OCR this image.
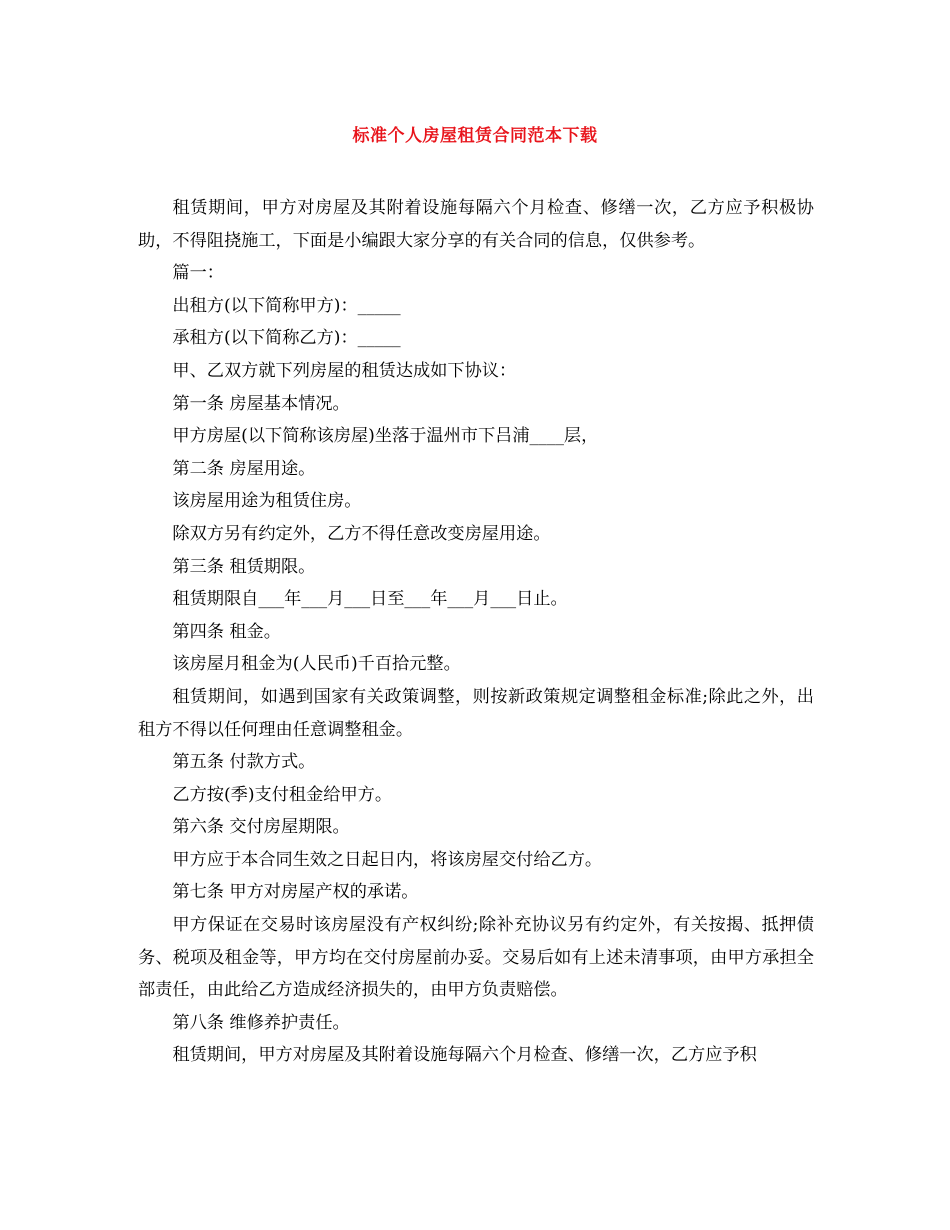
标准个人房屋租赁合同范本下载

租赁期间，甲方对房屋及其附着设施每隔六个月检查、修缮一次，乙方应予积极协助，不得阻挠施工，下面是小编跟大家分享的有关合同的信息，仅供参考。

篇一：

出租方(以下简称甲方)：_____

承租方(以下简称乙方)：_____

甲、乙双方就下列房屋的租赁达成如下协议：

第一条 房屋基本情况。

甲方房屋(以下简称该房屋)坐落于温州市下吕浦____层，

第二条 房屋用途。

该房屋用途为租赁住房。

除双方另有约定外，乙方不得任意改变房屋用途。

第三条 租赁期限。

租赁期限自___年___月___日至___年___月___日止。

第四条 租金。

该房屋月租金为(人民币)千百拾元整。

租赁期间，如遇到国家有关政策调整，则按新政策规定调整租金标准;除此之外，出租方不得以任何理由任意调整租金。

第五条 付款方式。

乙方按(季)支付租金给甲方。

第六条 交付房屋期限。

甲方应于本合同生效之日起日内，将该房屋交付给乙方。

第七条 甲方对房屋产权的承诺。

甲方保证在交易时该房屋没有产权纠纷;除补充协议另有约定外，有关按揭、抵押债务、税项及租金等，甲方均在交付房屋前办妥。交易后如有上述未清事项，由甲方承担全部责任，由此给乙方造成经济损失的，由甲方负责赔偿。

第八条 维修养护责任。

租赁期间，甲方对房屋及其附着设施每隔六个月检查、修缮一次，乙方应予积
